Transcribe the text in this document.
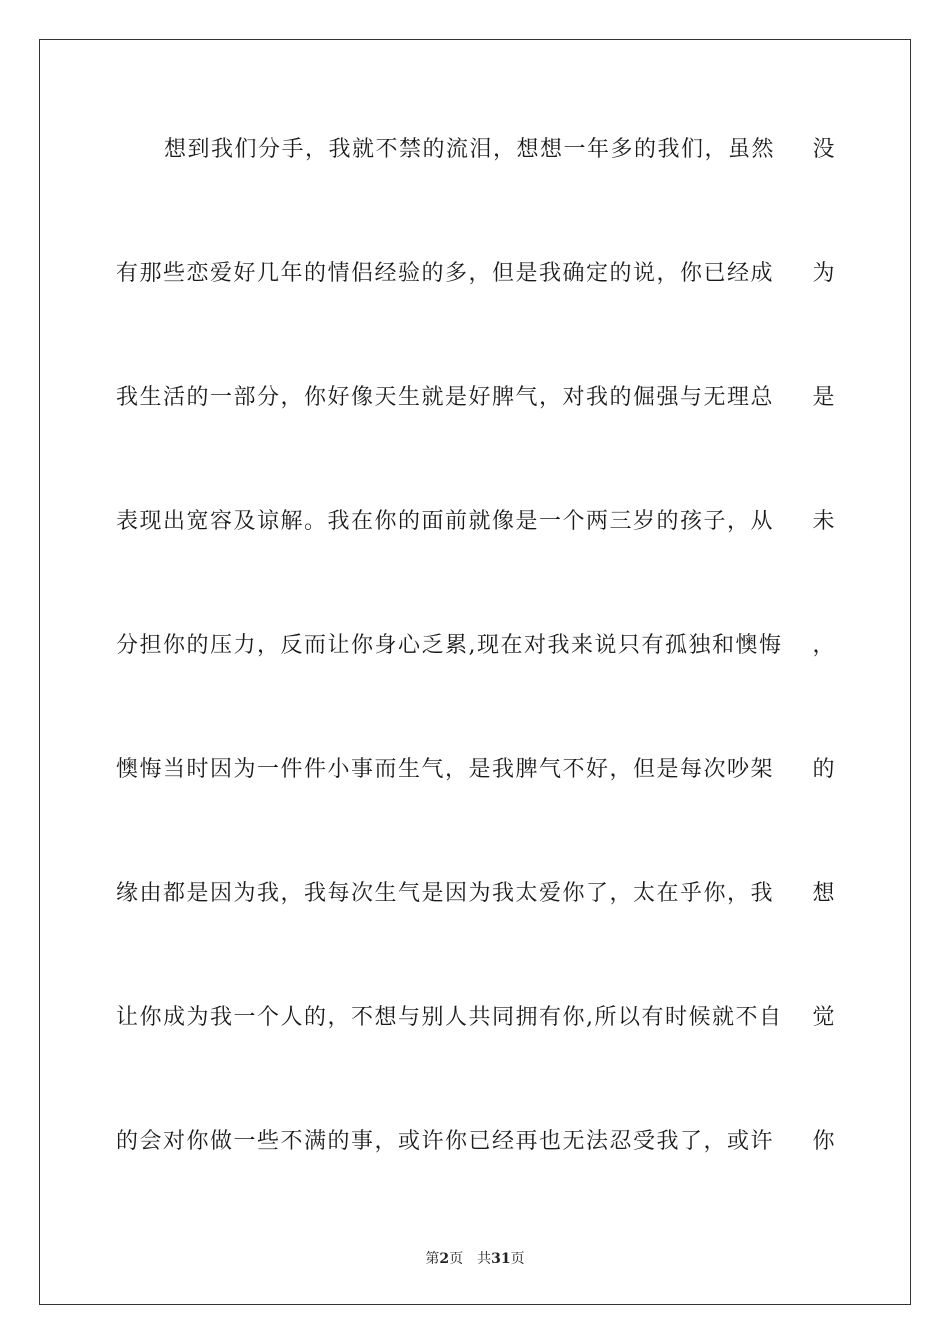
想到我们分手，我就不禁的流泪，想想一年多的我们，虽然 没
有那些恋爱好几年的情侣经验的多，但是我确定的说，你已经成 为
我生活的一部分，你好像天生就是好脾气，对我的倔强与无理总 是
表现出宽容及谅解。我在你的面前就像是一个两三岁的孩子，从 未
分担你的压力，反而让你身心乏累,现在对我来说只有孤独和懊悔 ，
懊悔当时因为一件件小事而生气，是我脾气不好，但是每次吵架 的
缘由都是因为我，我每次生气是因为我太爱你了，太在乎你，我 想
让你成为我一个人的，不想与别人共同拥有你,所以有时候就不自 觉
的会对你做一些不满的事，或许你已经再也无法忍受我了，或许 你
第2页 共31页
